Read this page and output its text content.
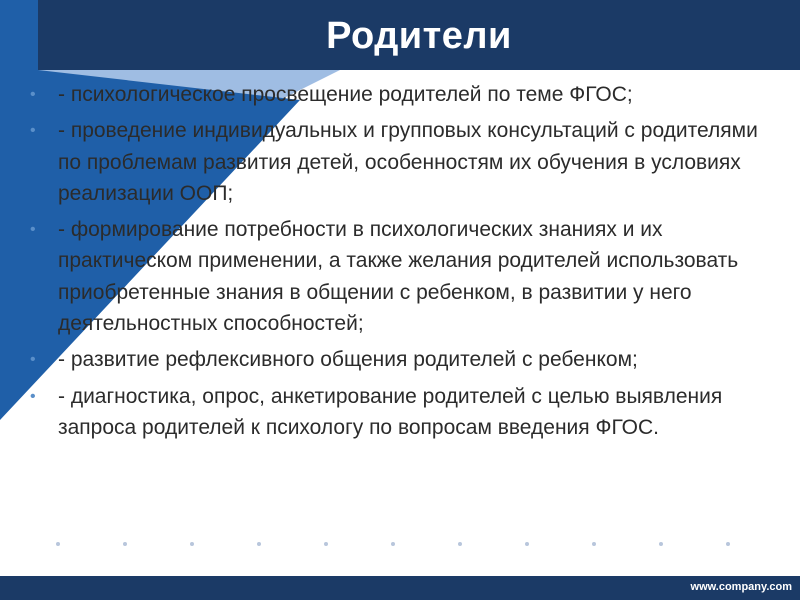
Родители
• - психологическое просвещение родителей по теме ФГОС;
• - проведение индивидуальных и групповых консультаций с родителями по проблемам развития детей, особенностям их обучения в условиях реализации ООП;
• - формирование потребности в психологических знаниях и их практическом применении, а также желания родителей использовать приобретенные знания в общении с ребенком, в развитии у него деятельностных способностей;
• - развитие рефлексивного общения родителей с ребенком;
• - диагностика, опрос, анкетирование родителей с целью выявления запроса родителей к психологу по вопросам введения ФГОС.
www.company.com
